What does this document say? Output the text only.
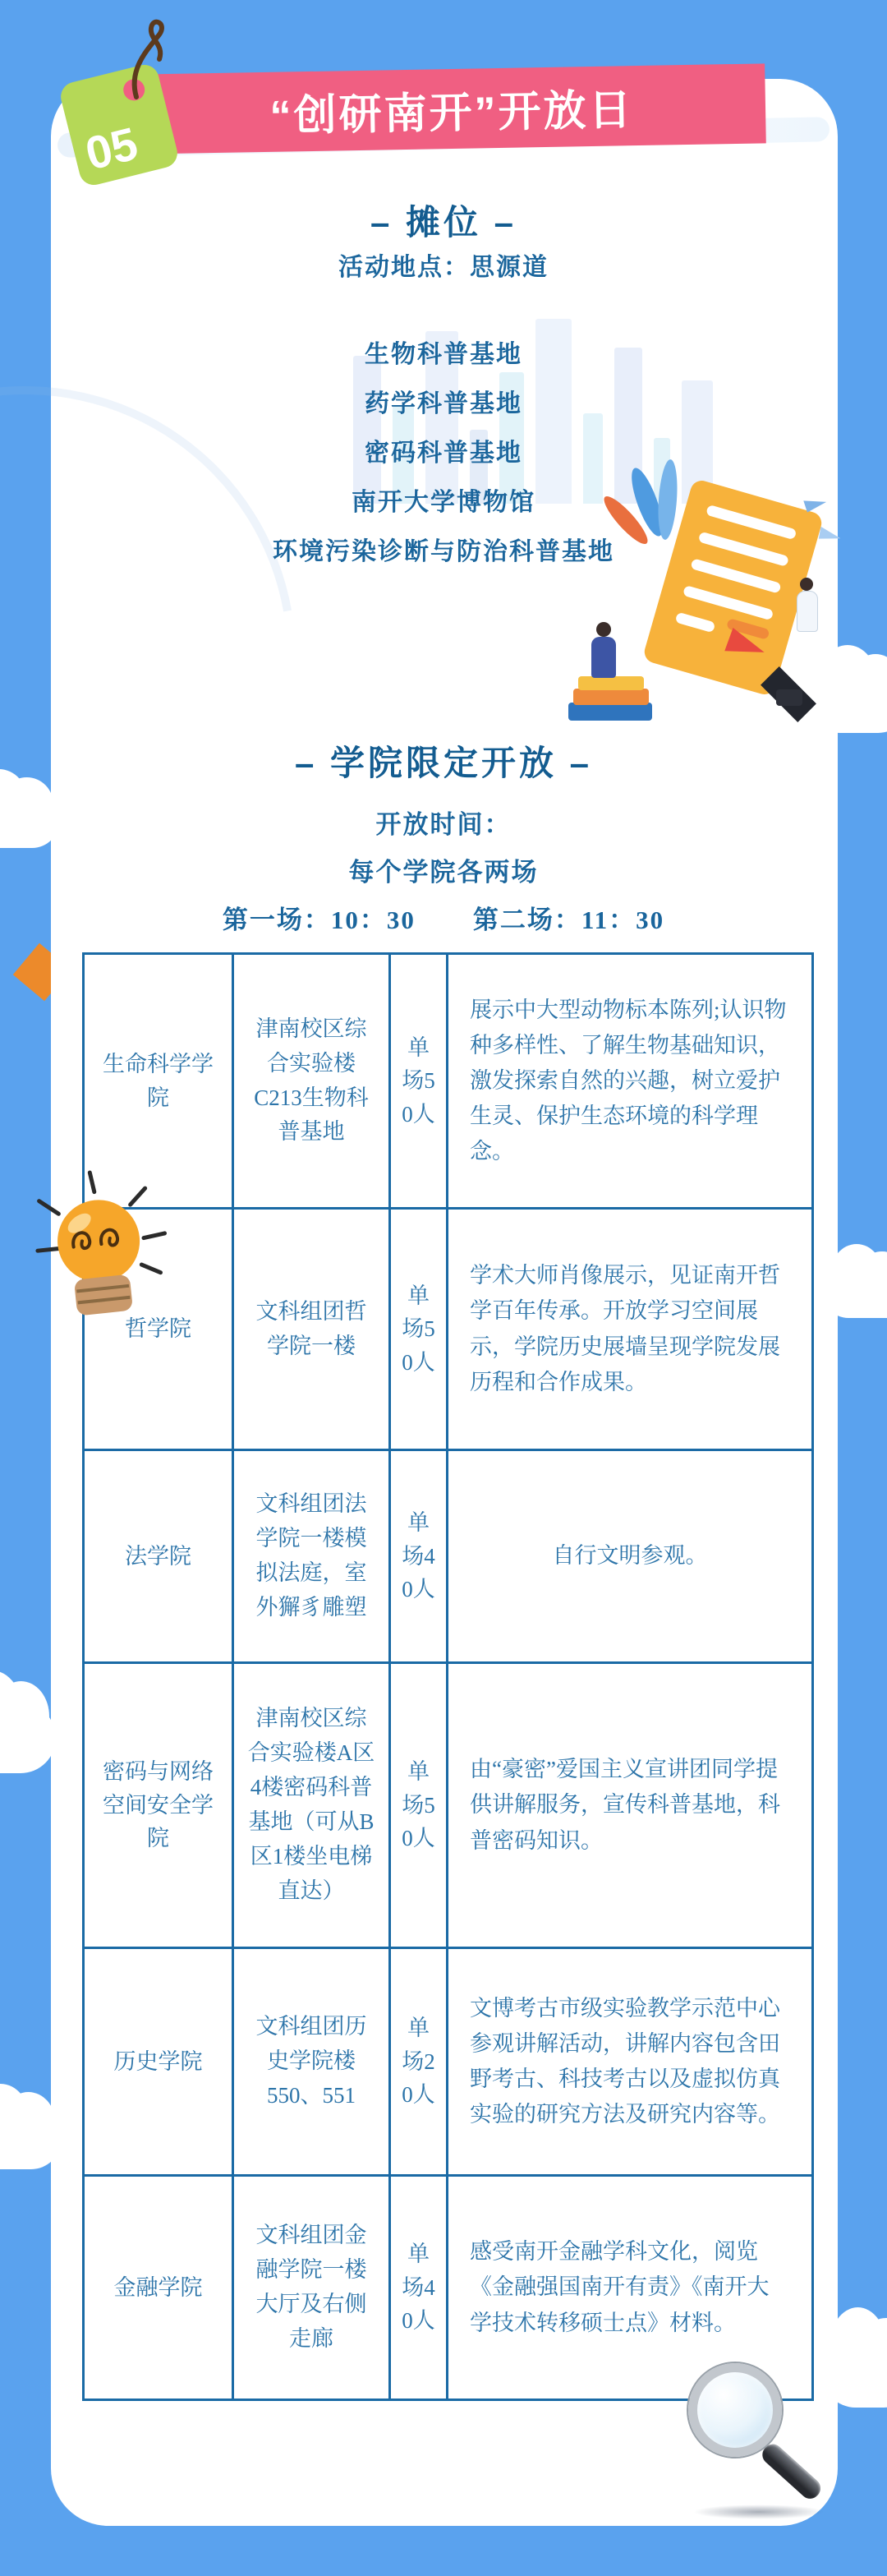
“创研南开”开放日
05
– 摊位 –
活动地点：思源道
生物科普基地
药学科普基地
密码科普基地
南开大学博物馆
环境污染诊断与防治科普基地
– 学院限定开放 –
开放时间：
每个学院各两场
第一场：10：30 第二场：11：30
生命科学学院	津南校区综合实验楼C213生物科普基地	单场50人	展示中大型动物标本陈列;认识物种多样性、了解生物基础知识，激发探索自然的兴趣，树立爱护生灵、保护生态环境的科学理念。
哲学院	文科组团哲学院一楼	单场50人	学术大师肖像展示，见证南开哲学百年传承。开放学习空间展示，学院历史展墙呈现学院发展历程和合作成果。
法学院	文科组团法学院一楼模拟法庭，室外獬豸雕塑	单场40人	自行文明参观。
密码与网络空间安全学院	津南校区综合实验楼A区4楼密码科普基地（可从B区1楼坐电梯直达）	单场50人	由“豪密”爱国主义宣讲团同学提供讲解服务，宣传科普基地，科普密码知识。
历史学院	文科组团历史学院楼550、551	单场20人	文博考古市级实验教学示范中心参观讲解活动，讲解内容包含田野考古、科技考古以及虚拟仿真实验的研究方法及研究内容等。
金融学院	文科组团金融学院一楼大厅及右侧走廊	单场40人	感受南开金融学科文化，阅览《金融强国南开有责》《南开大学技术转移硕士点》材料。
